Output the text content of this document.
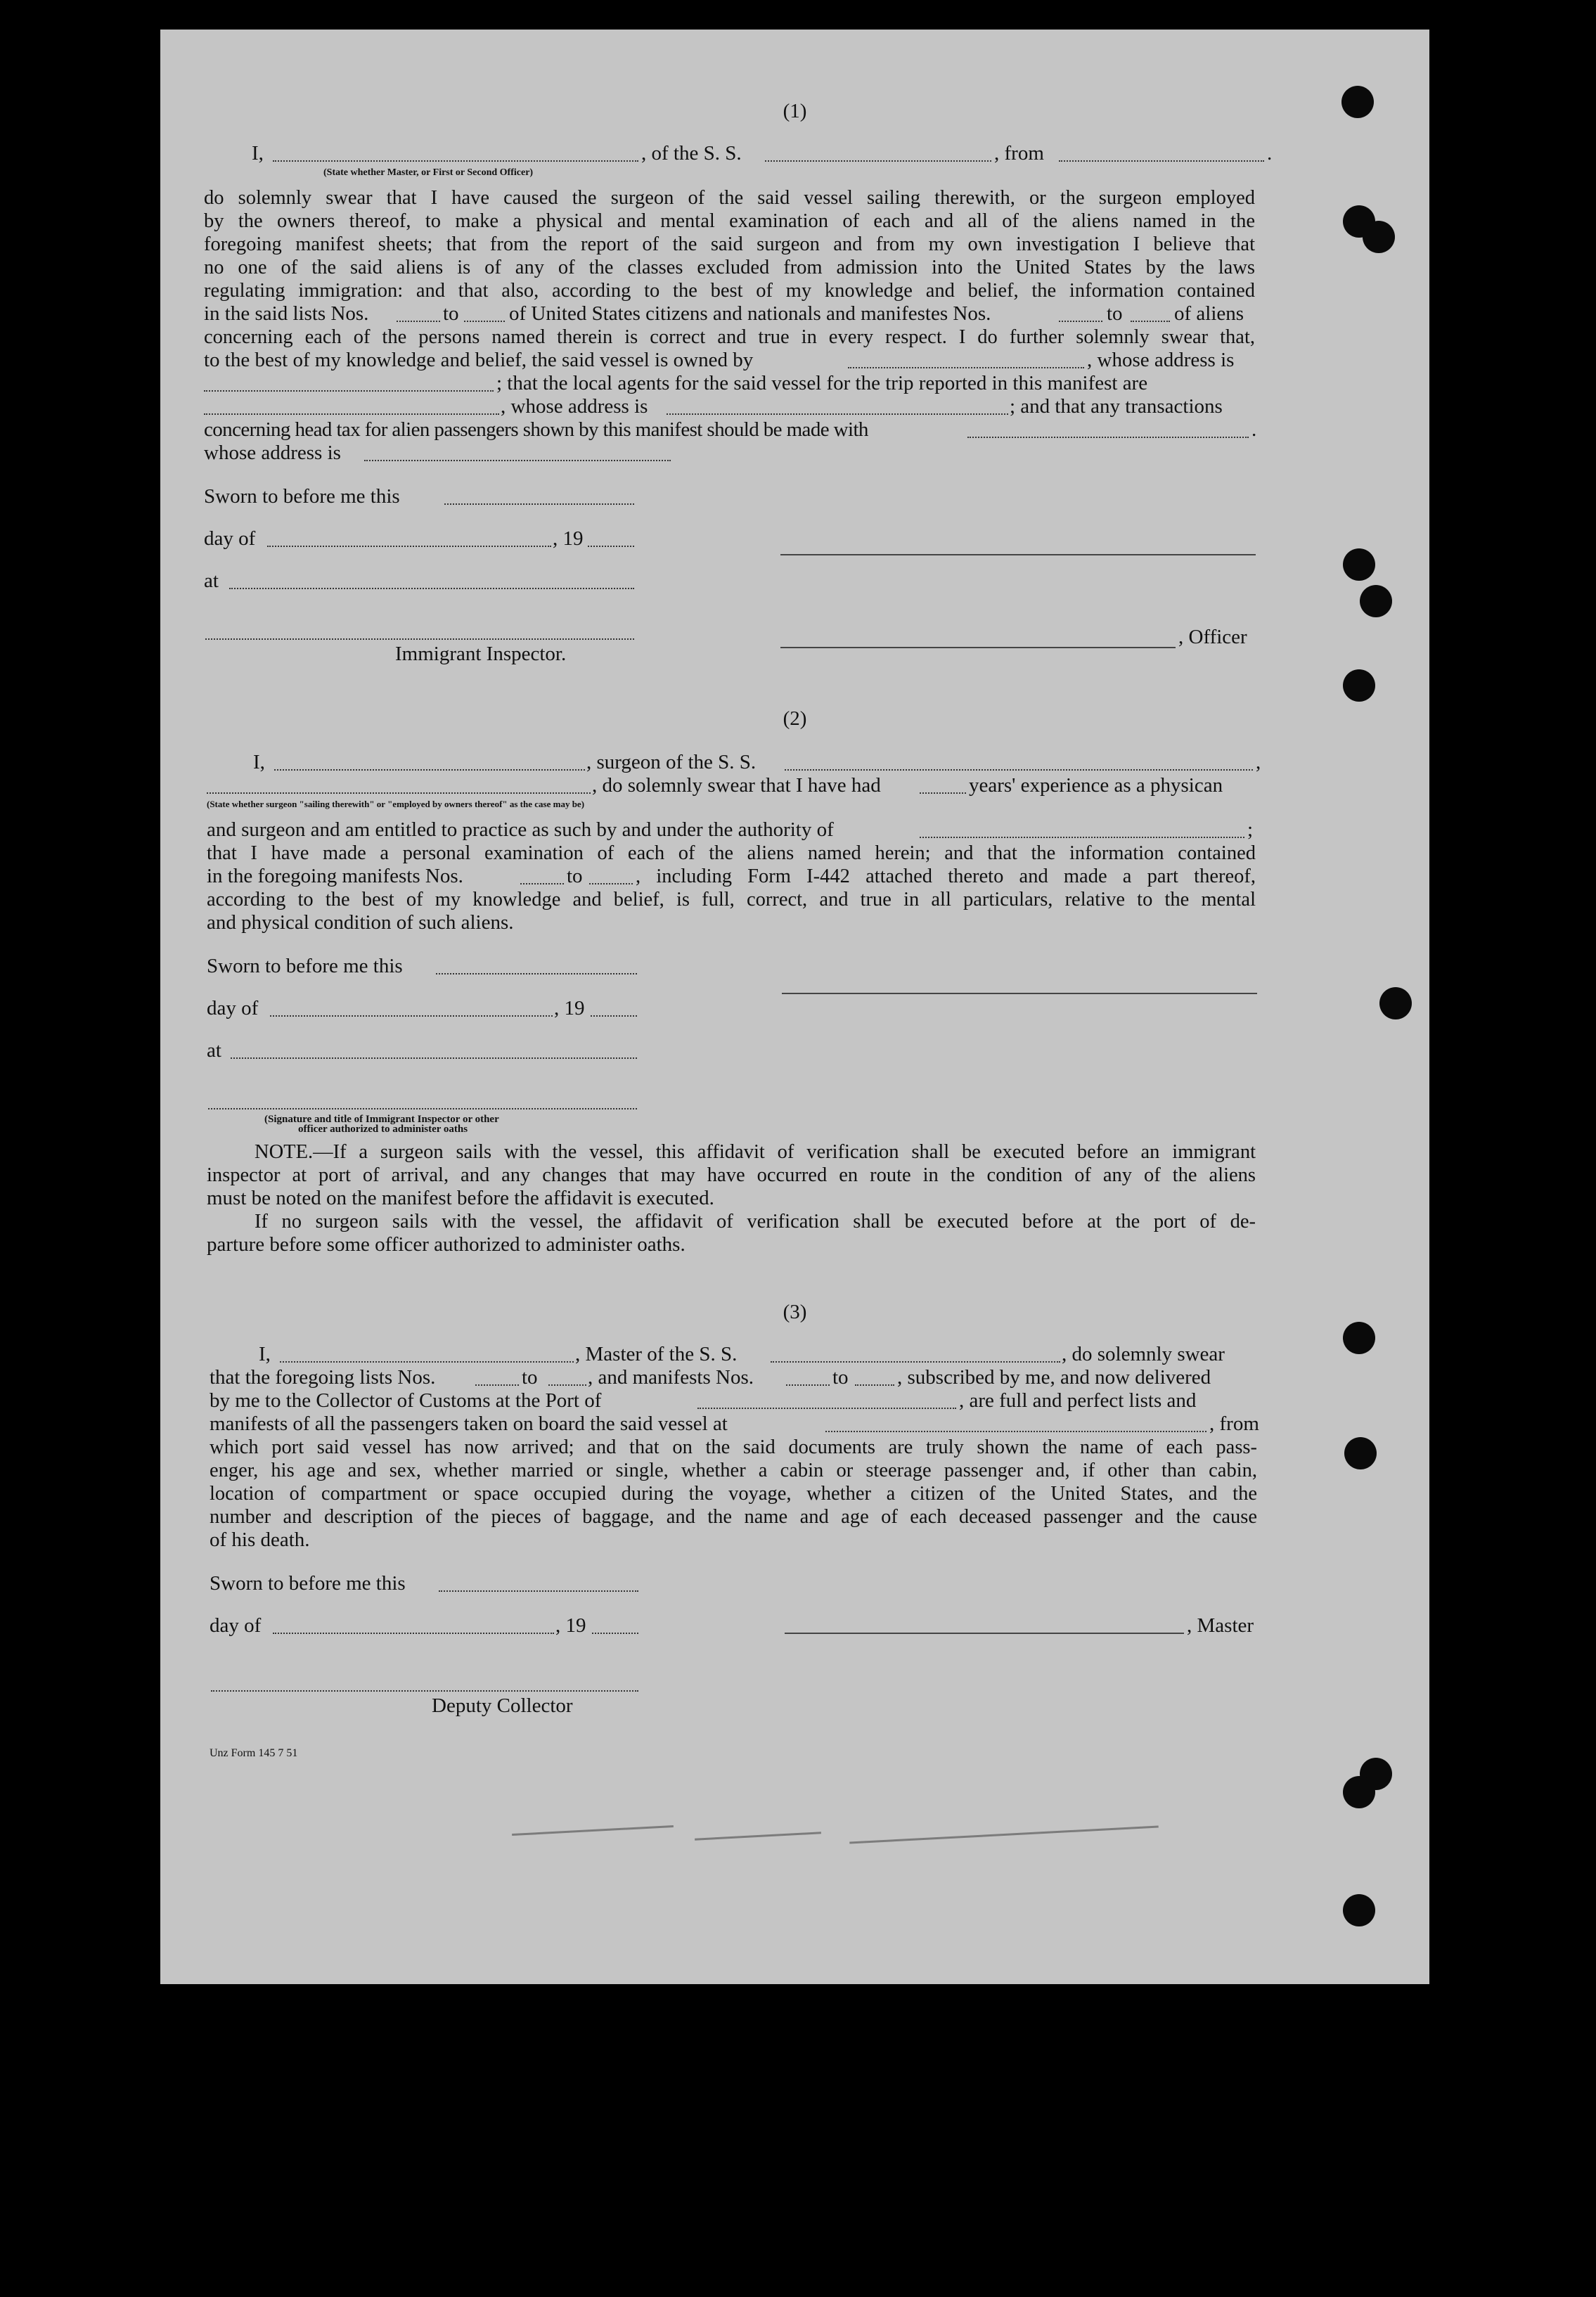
(1)
I,	, of the S. S.	, from	.
(State whether Master, or First or Second Officer)
do solemnly swear that I have caused the surgeon of the said vessel sailing therewith, or the surgeon employed
by the owners thereof, to make a physical and mental examination of each and all of the aliens named in the
foregoing manifest sheets; that from the report of the said surgeon and from my own investigation I believe that
no one of the said aliens is of any of the classes excluded from admission into the United States by the laws
regulating immigration: and that also, according to the best of my knowledge and belief, the information contained
in the said lists Nos.	to of United States citizens and nationals and manifestes Nos.	to	of aliens
concerning each of the persons named therein is correct and true in every respect. I do further solemnly swear that,
to the best of my knowledge and belief, the said vessel is owned by	, whose address is
; that the local agents for the said vessel for the trip reported in this manifest are
, whose address is	; and that any transactions
concerning head tax for alien passengers shown by this manifest should be made with	.
whose address is
Sworn to before me this
day of	, 19
at
, Officer
Immigrant Inspector.
(2)
I,	, surgeon of the S. S.	,
, do solemnly swear that I have had	years' experience as a physican
(State whether surgeon "sailing therewith" or "employed by owners thereof" as the case may be)
and surgeon and am entitled to practice as such by and under the authority of	;
that I have made a personal examination of each of the aliens named herein; and that the information contained
in the foregoing manifests Nos.	to	, including Form I-442 attached thereto and made a part thereof,
according to the best of my knowledge and belief, is full, correct, and true in all particulars, relative to the mental
and physical condition of such aliens.
Sworn to before me this
day of	, 19
at
(Signature and title of Immigrant Inspector or other
officer authorized to administer oaths
NOTE.—If a surgeon sails with the vessel, this affidavit of verification shall be executed before an immigrant
inspector at port of arrival, and any changes that may have occurred en route in the condition of any of the aliens
must be noted on the manifest before the affidavit is executed.
If no surgeon sails with the vessel, the affidavit of verification shall be executed before at the port of de-
parture before some officer authorized to administer oaths.
(3)
I,	, Master of the S. S.	, do solemnly swear
that the foregoing lists Nos.	to , and manifests Nos.	to , subscribed by me, and now delivered
by me to the Collector of Customs at the Port of	, are full and perfect lists and
manifests of all the passengers taken on board the said vessel at	, from
which port said vessel has now arrived; and that on the said documents are truly shown the name of each pass-
enger, his age and sex, whether married or single, whether a cabin or steerage passenger and, if other than cabin,
location of compartment or space occupied during the voyage, whether a citizen of the United States, and the
number and description of the pieces of baggage, and the name and age of each deceased passenger and the cause
of his death.
Sworn to before me this
day of	, 19	, Master
Deputy Collector
Unz Form 145 7 51
